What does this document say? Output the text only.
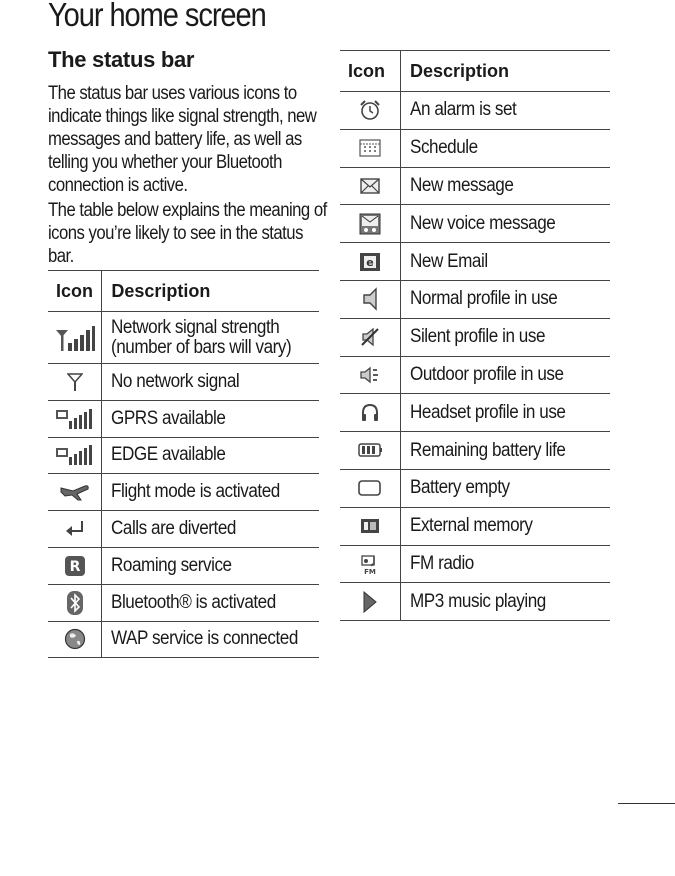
Your home screen
The status bar

The status bar uses various icons to indicate things like signal strength, new messages and battery life, as well as telling you whether your Bluetooth connection is active.

The table below explains the meaning of icons you’re likely to see in the status bar.

Icon	Description

Network signal strength
(number of bars will vary)

	No network signal

	GPRS available

	EDGE available

	Flight mode is activated

	Calls are diverted

R	Roaming service

	Bluetooth® is activated

	WAP service is connected
Icon	Description

	An alarm is set

	Schedule

	New message

	New voice message

e	New Email

	Normal profile in use

	Silent profile in use

	Outdoor profile in use

	Headset profile in use

	Remaining battery life

	Battery empty

	External memory

FM	FM radio

	MP3 music playing
